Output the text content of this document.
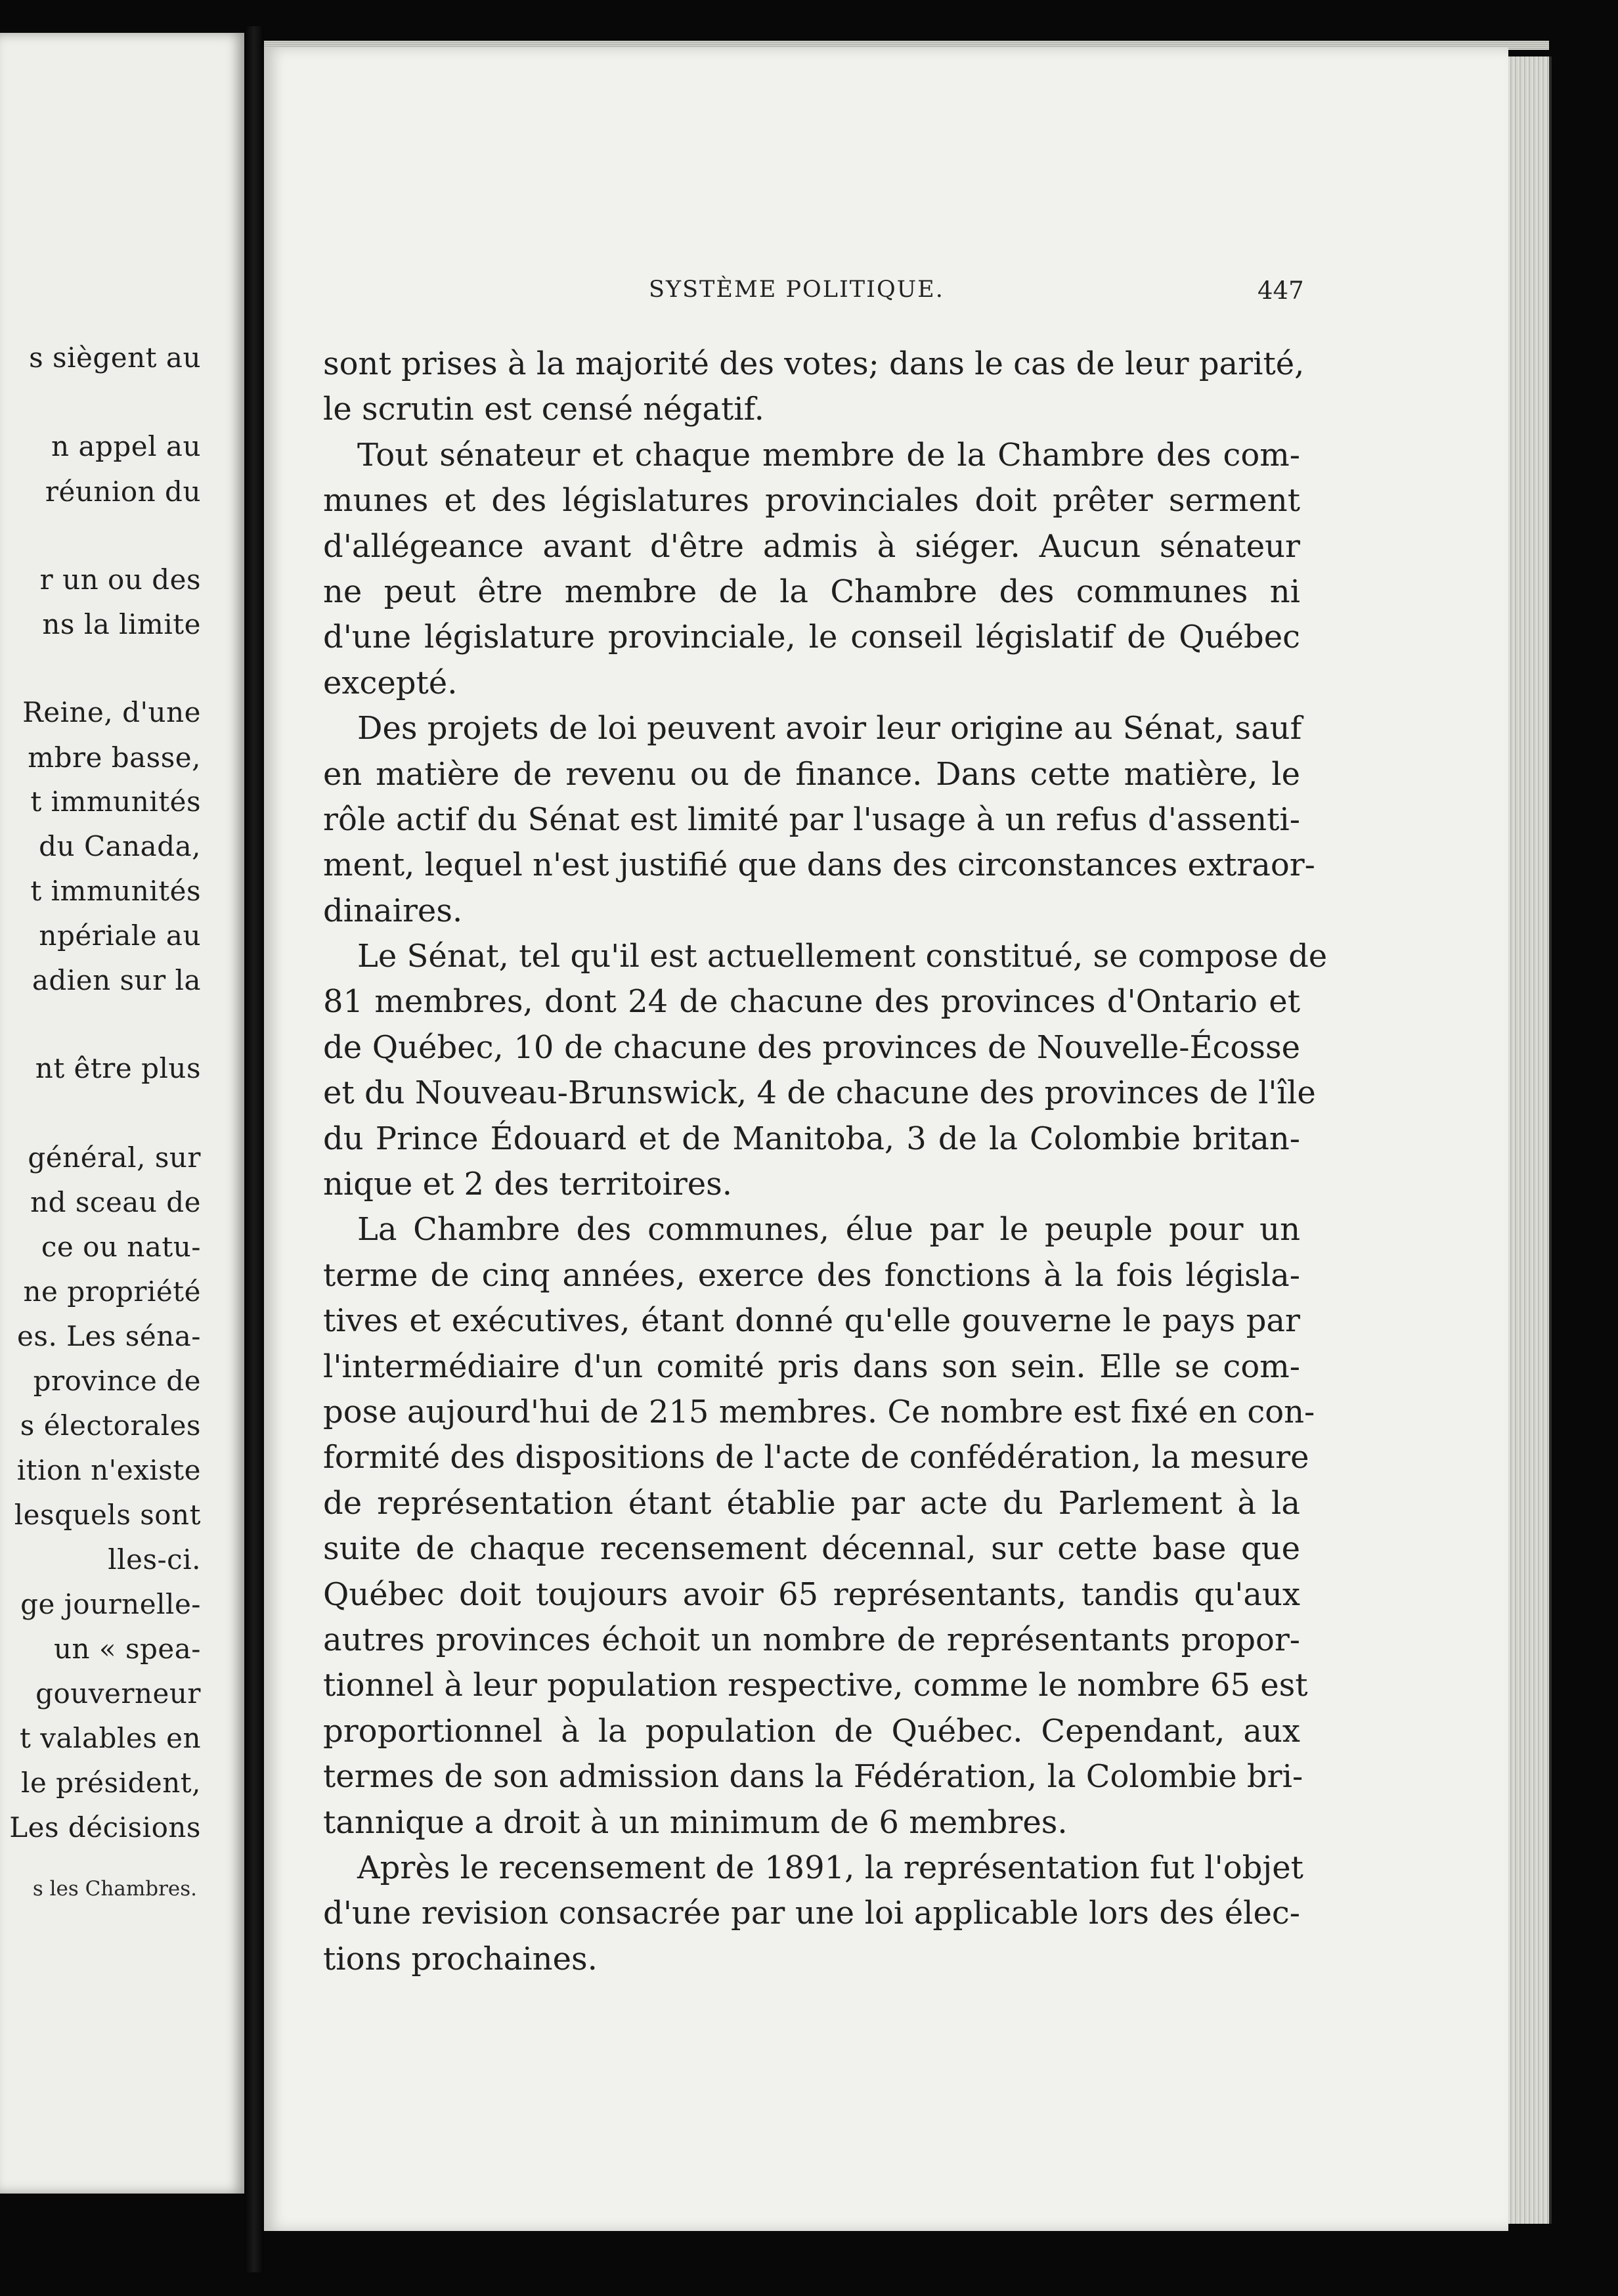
s siègent au
n appel au
réunion du
r un ou des
ns la limite
Reine, d'une
mbre basse,
t immunités
du Canada,
t immunités
npériale au
adien sur la
nt être plus
général, sur
nd sceau de
ce ou natu-
ne propriété
es. Les séna-
province de
s électorales
ition n'existe
lesquels sont
lles-ci.
ge journelle-
un « spea-
gouverneur
t valables en
le président,
Les décisions
s les Chambres.
SYSTÈME POLITIQUE.	447
sont prises à la majorité des votes; dans le cas de leur parité,
le scrutin est censé négatif.
Tout sénateur et chaque membre de la Chambre des com-
munes et des législatures provinciales doit prêter serment
d'allégeance avant d'être admis à siéger. Aucun sénateur
ne peut être membre de la Chambre des communes ni
d'une législature provinciale, le conseil législatif de Québec
excepté.
Des projets de loi peuvent avoir leur origine au Sénat, sauf
en matière de revenu ou de finance. Dans cette matière, le
rôle actif du Sénat est limité par l'usage à un refus d'assenti-
ment, lequel n'est justifié que dans des circonstances extraor-
dinaires.
Le Sénat, tel qu'il est actuellement constitué, se compose de
81 membres, dont 24 de chacune des provinces d'Ontario et
de Québec, 10 de chacune des provinces de Nouvelle-Écosse
et du Nouveau-Brunswick, 4 de chacune des provinces de l'île
du Prince Édouard et de Manitoba, 3 de la Colombie britan-
nique et 2 des territoires.
La Chambre des communes, élue par le peuple pour un
terme de cinq années, exerce des fonctions à la fois législa-
tives et exécutives, étant donné qu'elle gouverne le pays par
l'intermédiaire d'un comité pris dans son sein. Elle se com-
pose aujourd'hui de 215 membres. Ce nombre est fixé en con-
formité des dispositions de l'acte de confédération, la mesure
de représentation étant établie par acte du Parlement à la
suite de chaque recensement décennal, sur cette base que
Québec doit toujours avoir 65 représentants, tandis qu'aux
autres provinces échoit un nombre de représentants propor-
tionnel à leur population respective, comme le nombre 65 est
proportionnel à la population de Québec. Cependant, aux
termes de son admission dans la Fédération, la Colombie bri-
tannique a droit à un minimum de 6 membres.
Après le recensement de 1891, la représentation fut l'objet
d'une revision consacrée par une loi applicable lors des élec-
tions prochaines.
